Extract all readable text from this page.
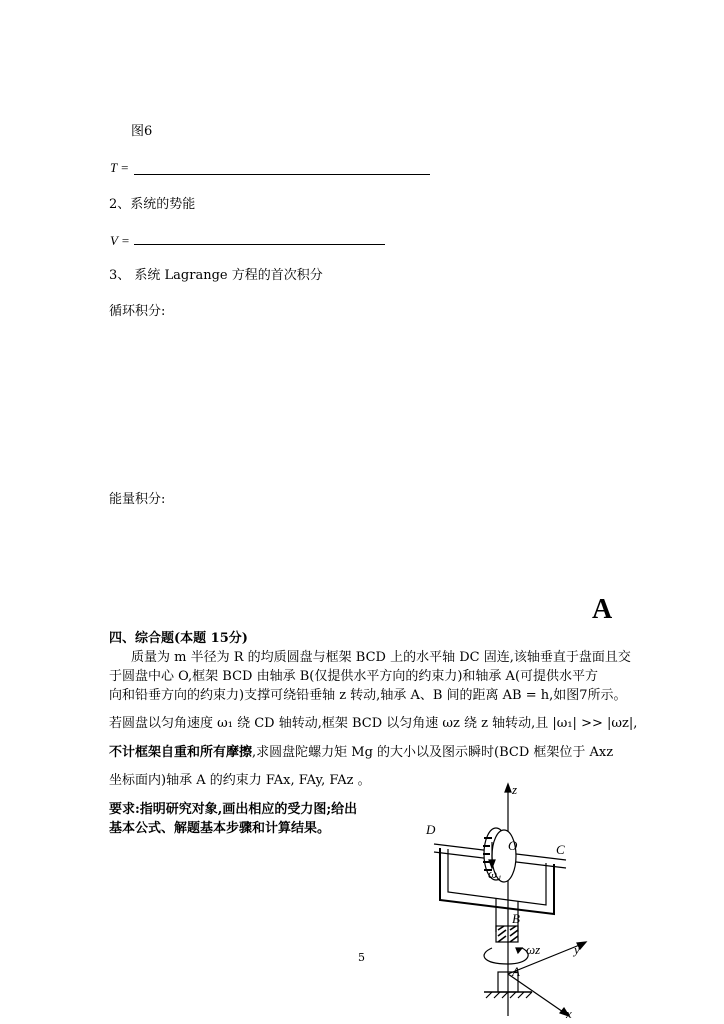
图6
T =
2、系统的势能
V =
3、 系统 Lagrange 方程的首次积分
循环积分:
能量积分:
A
四、综合题(本题 15分)
质量为 m 半径为 R 的均质圆盘与框架 BCD 上的水平轴 DC 固连,该轴垂直于盘面且交
于圆盘中心 O,框架 BCD 由轴承 B(仅提供水平方向的约束力)和轴承 A(可提供水平方
向和铅垂方向的约束力)支撑可绕铅垂轴 z 转动,轴承 A、B 间的距离 AB = h,如图7所示。
若圆盘以匀角速度 ω₁ 绕 CD 轴转动,框架 BCD 以匀角速 ωz 绕 z 轴转动,且 |ω₁| >> |ωz|,
不计框架自重和所有摩擦,求圆盘陀螺力矩 Mg 的大小以及图示瞬时(BCD 框架位于 Axz
坐标面内)轴承 A 的约束力 FAx, FAy, FAz 。
要求:指明研究对象,画出相应的受力图;给出
基本公式、解题基本步骤和计算结果。
z
D
C
O
ω₁
B
ωz	y
A
x
5
